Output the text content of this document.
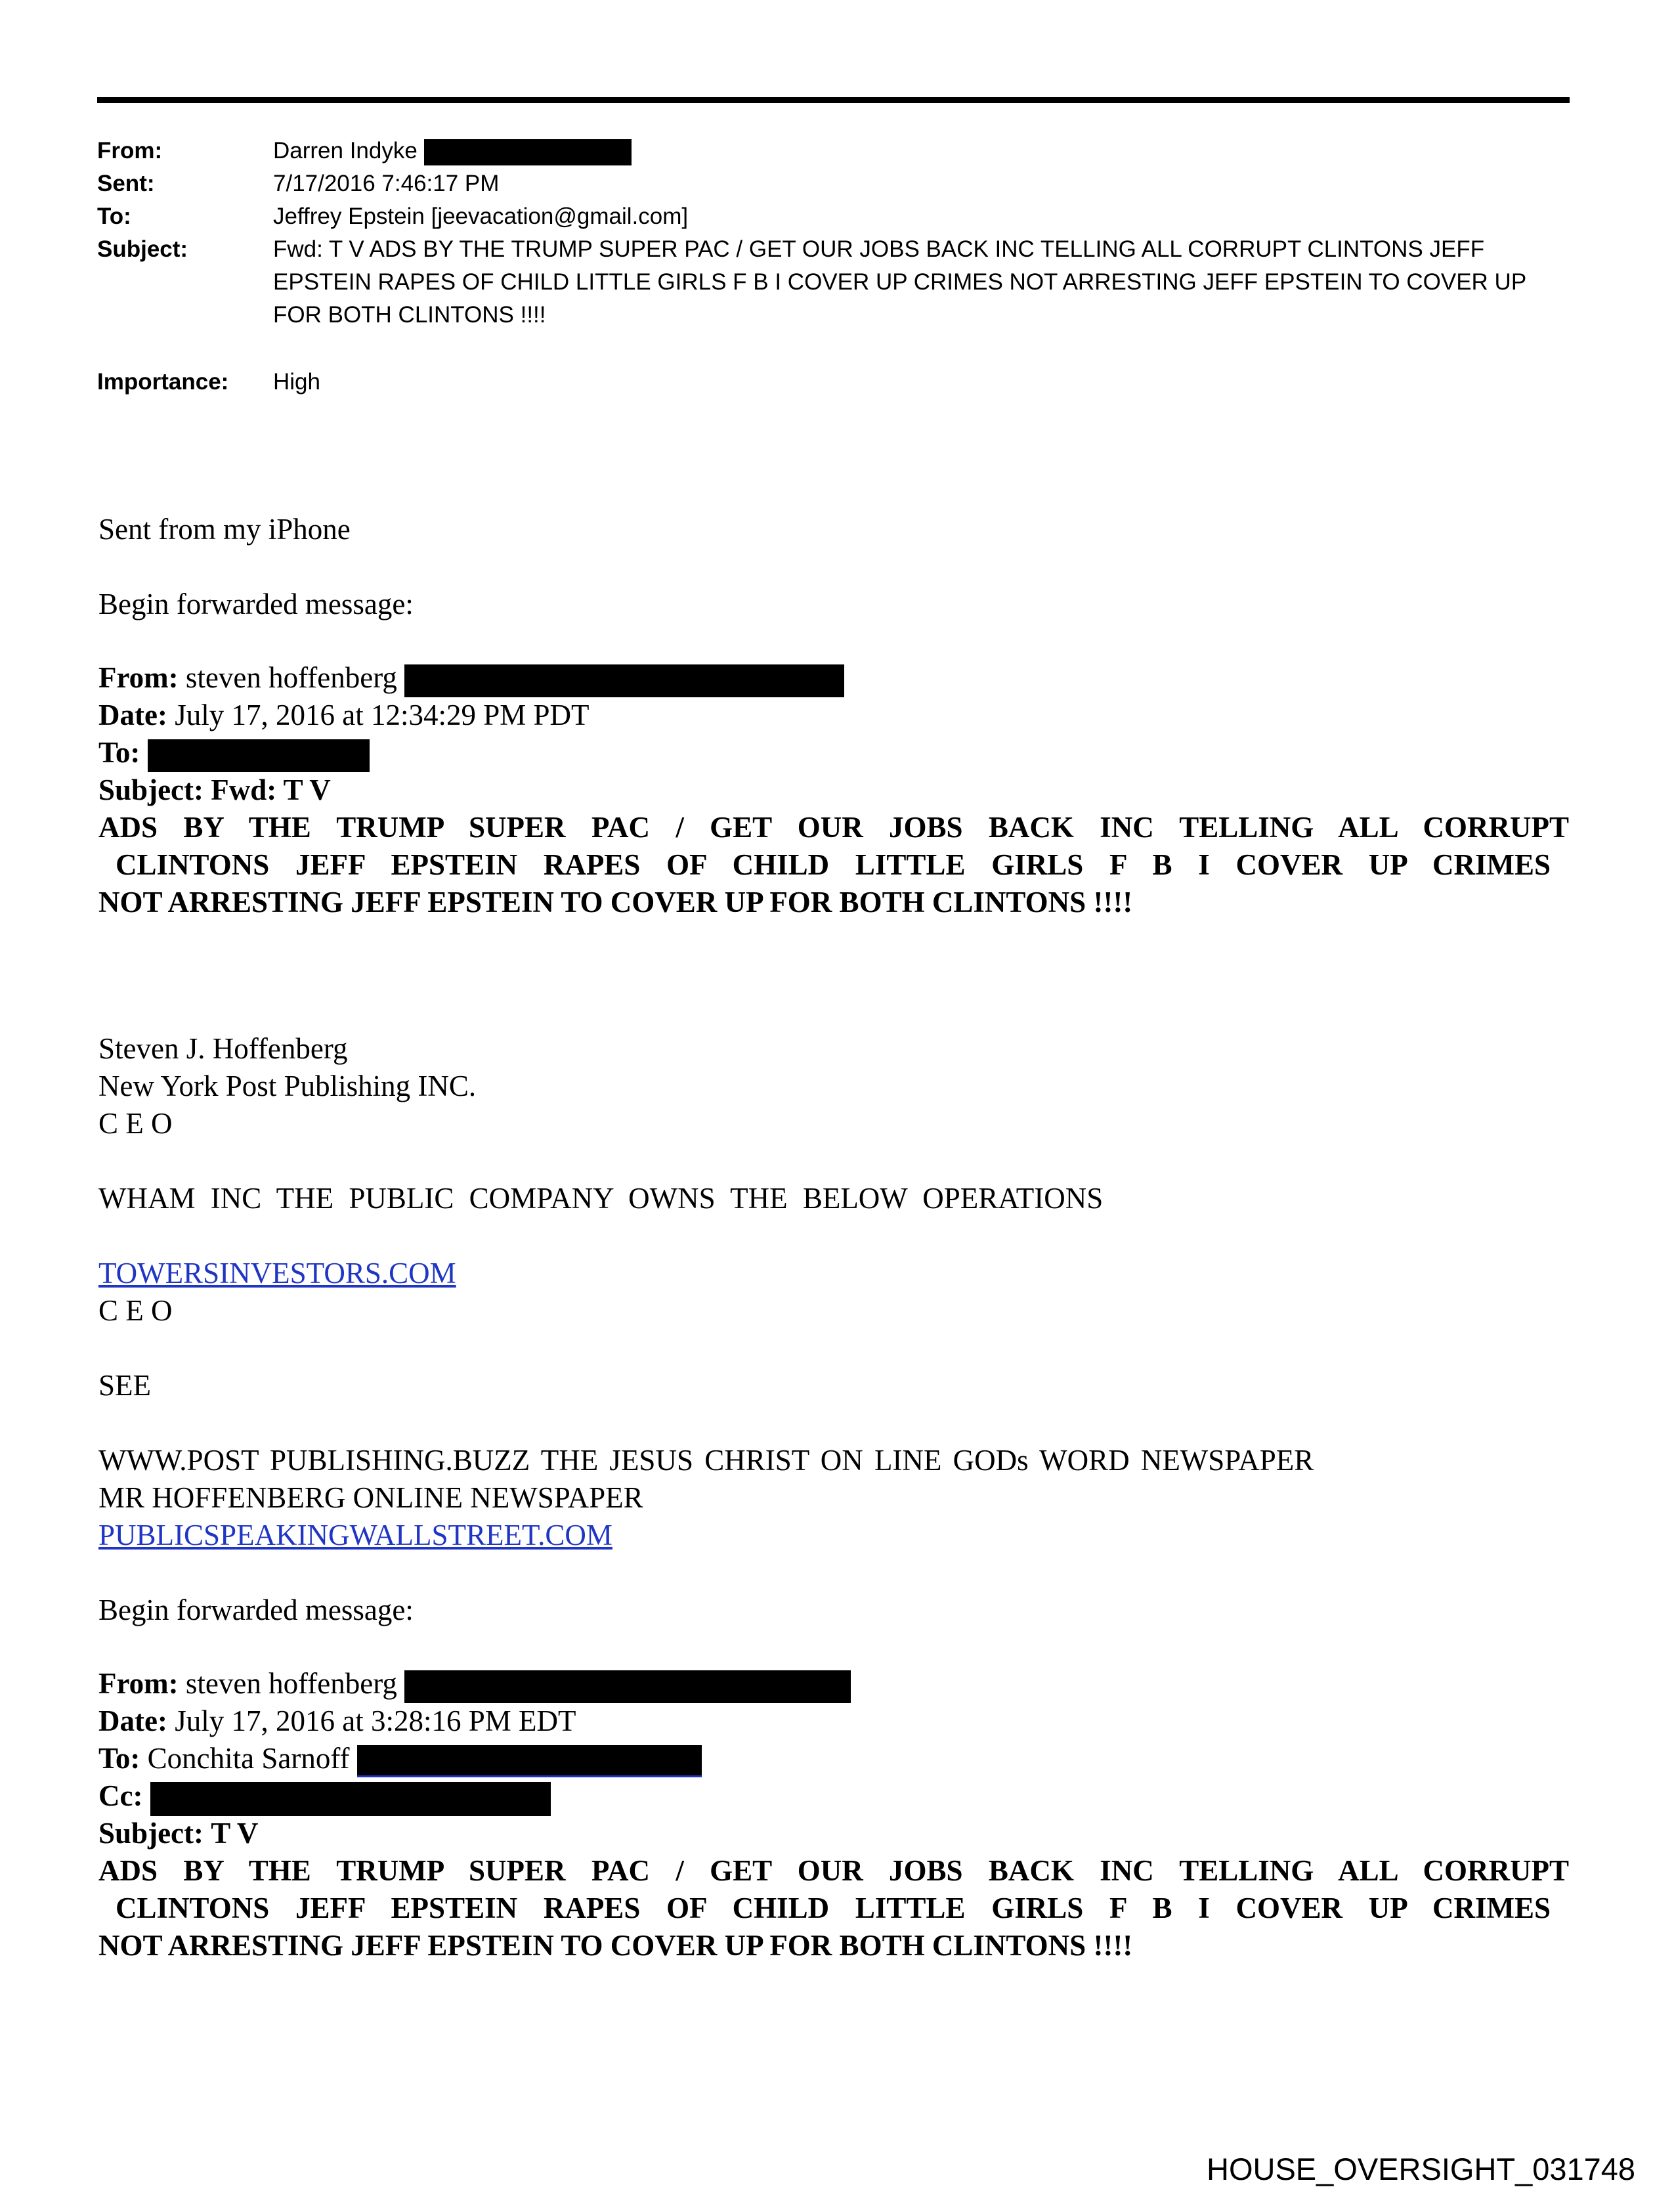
From:	Darren Indyke
Sent:	7/17/2016 7:46:17 PM
To:	Jeffrey Epstein [jeevacation@gmail.com]
Subject:	Fwd: T V ADS BY THE TRUMP SUPER PAC / GET OUR JOBS BACK INC TELLING ALL CORRUPT CLINTONS JEFF EPSTEIN RAPES OF CHILD LITTLE GIRLS F B I COVER UP CRIMES NOT ARRESTING JEFF EPSTEIN TO COVER UP FOR BOTH CLINTONS !!!!
Importance: High
Sent from my iPhone
Begin forwarded message:
From: steven hoffenberg
Date: July 17, 2016 at 12:34:29 PM PDT
To:
Subject: Fwd: T V
ADS BY THE TRUMP SUPER PAC / GET OUR JOBS BACK INC TELLING ALL CORRUPT
CLINTONS JEFF EPSTEIN RAPES OF CHILD LITTLE GIRLS F B I COVER UP CRIMES
NOT ARRESTING JEFF EPSTEIN TO COVER UP FOR BOTH CLINTONS !!!!
Steven J. Hoffenberg
New York Post Publishing INC.
C E O
WHAM INC THE PUBLIC COMPANY OWNS THE BELOW OPERATIONS
TOWERSINVESTORS.COM
C E O
SEE
WWW.POST PUBLISHING.BUZZ THE JESUS CHRIST ON LINE GODs WORD NEWSPAPER
MR HOFFENBERG ONLINE NEWSPAPER
PUBLICSPEAKINGWALLSTREET.COM
Begin forwarded message:
From: steven hoffenberg
Date: July 17, 2016 at 3:28:16 PM EDT
To: Conchita Sarnoff
Cc:
Subject: T V
ADS BY THE TRUMP SUPER PAC / GET OUR JOBS BACK INC TELLING ALL CORRUPT
CLINTONS JEFF EPSTEIN RAPES OF CHILD LITTLE GIRLS F B I COVER UP CRIMES
NOT ARRESTING JEFF EPSTEIN TO COVER UP FOR BOTH CLINTONS !!!!
HOUSE_OVERSIGHT_031748
